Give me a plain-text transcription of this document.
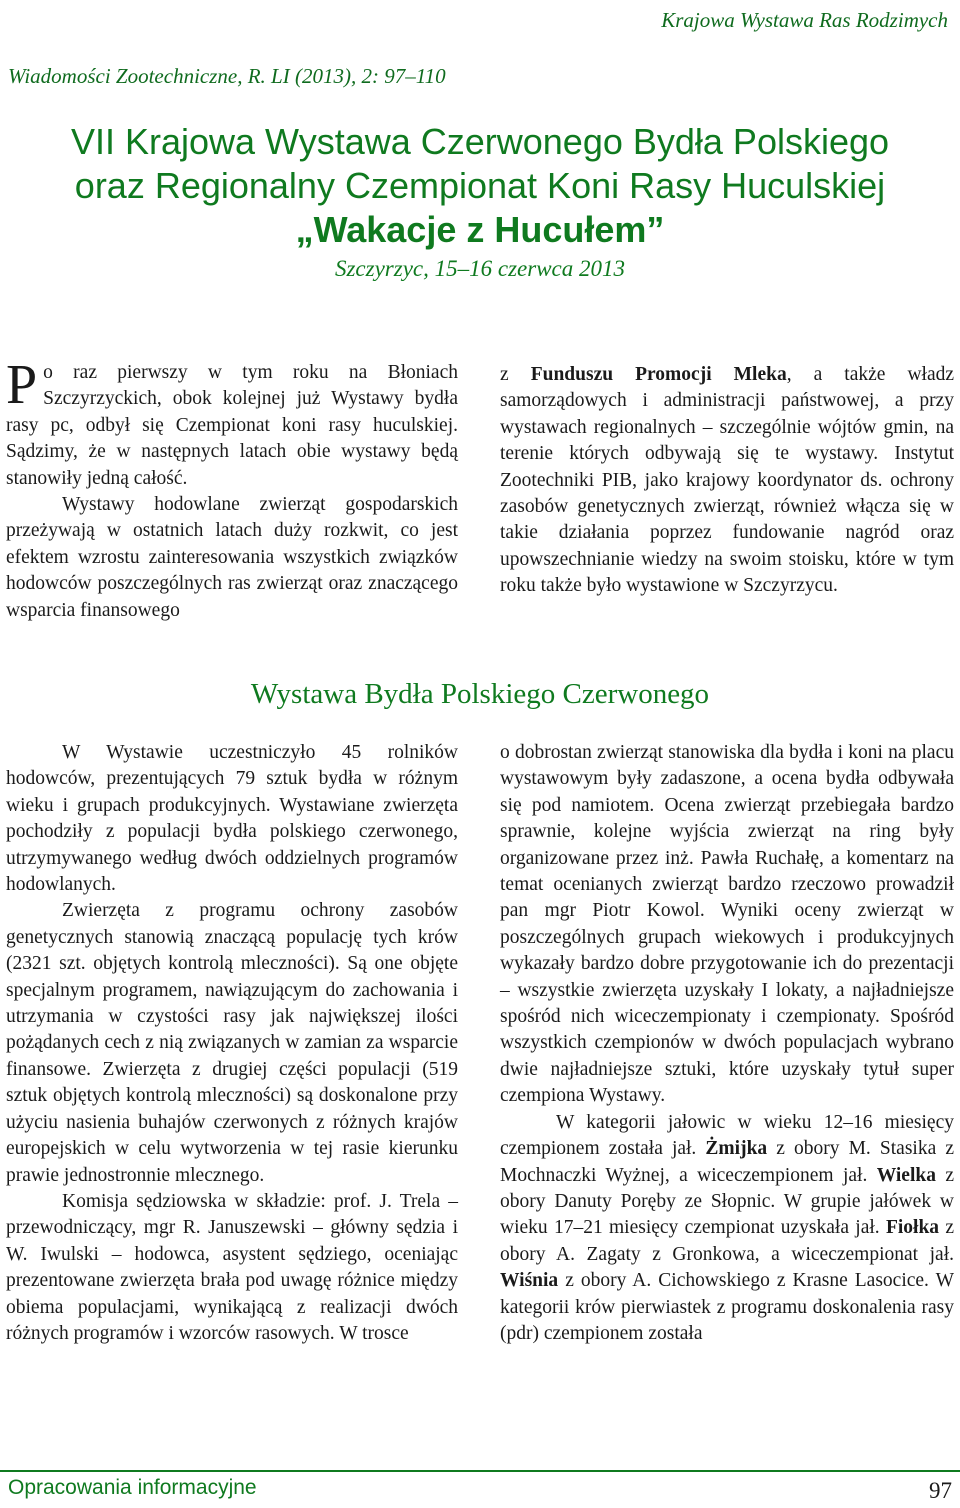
Krajowa Wystawa Ras Rodzimych
Wiadomości Zootechniczne, R. LI (2013), 2: 97–110
VII Krajowa Wystawa Czerwonego Bydła Polskiego
oraz Regionalny Czempionat Koni Rasy Huculskiej
„Wakacje z Hucułem”
Szczyrzyc, 15–16 czerwca 2013

Po raz pierwszy w tym roku na Błoniach Szczyrzyckich, obok kolejnej już Wystawy bydła rasy pc, odbył się Czempionat koni rasy huculskiej. Sądzimy, że w następnych latach obie wystawy będą stanowiły jedną całość.

Wystawy hodowlane zwierząt gospodarskich przeżywają w ostatnich latach duży rozkwit, co jest efektem wzrostu zainteresowania wszystkich związków hodowców poszczególnych ras zwierząt oraz znaczącego wsparcia finansowego

z Funduszu Promocji Mleka, a także władz samorządowych i administracji państwowej, a przy wystawach regionalnych – szczególnie wójtów gmin, na terenie których odbywają się te wystawy. Instytut Zootechniki PIB, jako krajowy koordynator ds. ochrony zasobów genetycznych zwierząt, również włącza się w takie działania poprzez fundowanie nagród oraz upowszechnianie wiedzy na swoim stoisku, które w tym roku także było wystawione w Szczyrzycu.

Wystawa Bydła Polskiego Czerwonego

W Wystawie uczestniczyło 45 rolników hodowców, prezentujących 79 sztuk bydła w różnym wieku i grupach produkcyjnych. Wystawiane zwierzęta pochodziły z populacji bydła polskiego czerwonego, utrzymywanego według dwóch oddzielnych programów hodowlanych.

Zwierzęta z programu ochrony zasobów genetycznych stanowią znaczącą populację tych krów (2321 szt. objętych kontrolą mleczności). Są one objęte specjalnym programem, nawiązującym do zachowania i utrzymania w czystości rasy jak największej ilości pożądanych cech z nią związanych w zamian za wsparcie finansowe. Zwierzęta z drugiej części populacji (519 sztuk objętych kontrolą mleczności) są doskonalone przy użyciu nasienia buhajów czerwonych z różnych krajów europejskich w celu wytworzenia w tej rasie kierunku prawie jednostronnie mlecznego.

Komisja sędziowska w składzie: prof. J. Trela – przewodniczący, mgr R. Januszewski – główny sędzia i W. Iwulski – hodowca, asystent sędziego, oceniając prezentowane zwierzęta brała pod uwagę różnice między obiema populacjami, wynikającą z realizacji dwóch różnych programów i wzorców rasowych. W trosce

o dobrostan zwierząt stanowiska dla bydła i koni na placu wystawowym były zadaszone, a ocena bydła odbywała się pod namiotem. Ocena zwierząt przebiegała bardzo sprawnie, kolejne wyjścia zwierząt na ring były organizowane przez inż. Pawła Ruchałę, a komentarz na temat ocenianych zwierząt bardzo rzeczowo prowadził pan mgr Piotr Kowol. Wyniki oceny zwierząt w poszczególnych grupach wiekowych i produkcyjnych wykazały bardzo dobre przygotowanie ich do prezentacji – wszystkie zwierzęta uzyskały I lokaty, a najładniejsze spośród nich wiceczempionaty i czempionaty. Spośród wszystkich czempionów w dwóch populacjach wybrano dwie najładniejsze sztuki, które uzyskały tytuł super czempiona Wystawy.

W kategorii jałowic w wieku 12–16 miesięcy czempionem została jał. Żmijka z obory M. Stasika z Mochnaczki Wyżnej, a wiceczempionem jał. Wielka z obory Danuty Poręby ze Słopnic. W grupie jałówek w wieku 17–21 miesięcy czempionat uzyskała jał. Fiołka z obory A. Zagaty z Gronkowa, a wiceczempionat jał. Wiśnia z obory A. Cichowskiego z Krasne Lasocice. W kategorii krów pierwiastek z programu doskonalenia rasy (pdr) czempionem została

Opracowania informacyjne	97
